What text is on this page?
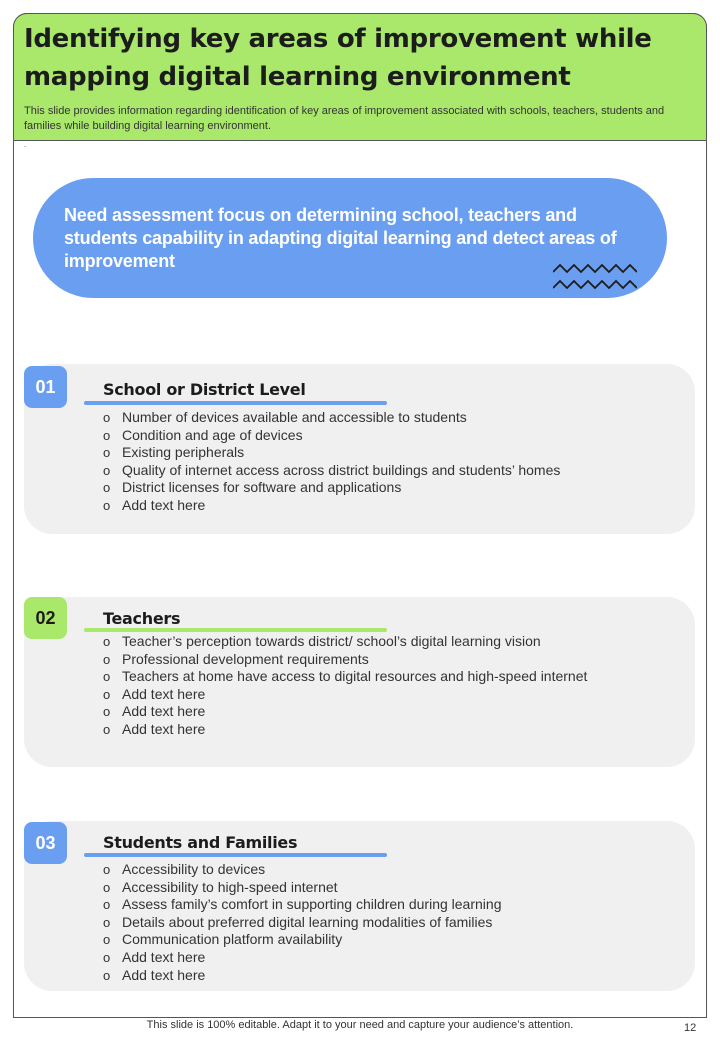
Identifying key areas of improvement while mapping digital learning environment
This slide provides information regarding identification of key areas of improvement associated with schools, teachers, students and families while building digital learning environment.
.
Need assessment focus on determining school, teachers and students capability in adapting digital learning and detect areas of improvement
01	School or District Level
o Number of devices available and accessible to students
o Condition and age of devices
o Existing peripherals
o Quality of internet access across district buildings and students’ homes
o District licenses for software and applications
o Add text here
02	Teachers
o Teacher’s perception towards district/ school’s digital learning vision
o Professional development requirements
o Teachers at home have access to digital resources and high-speed internet
o Add text here
o Add text here
o Add text here
03	Students and Families
o Accessibility to devices
o Accessibility to high-speed internet
o Assess family’s comfort in supporting children during learning
o Details about preferred digital learning modalities of families
o Communication platform availability
o Add text here
o Add text here
This slide is 100% editable. Adapt it to your need and capture your audience’s attention.	12
